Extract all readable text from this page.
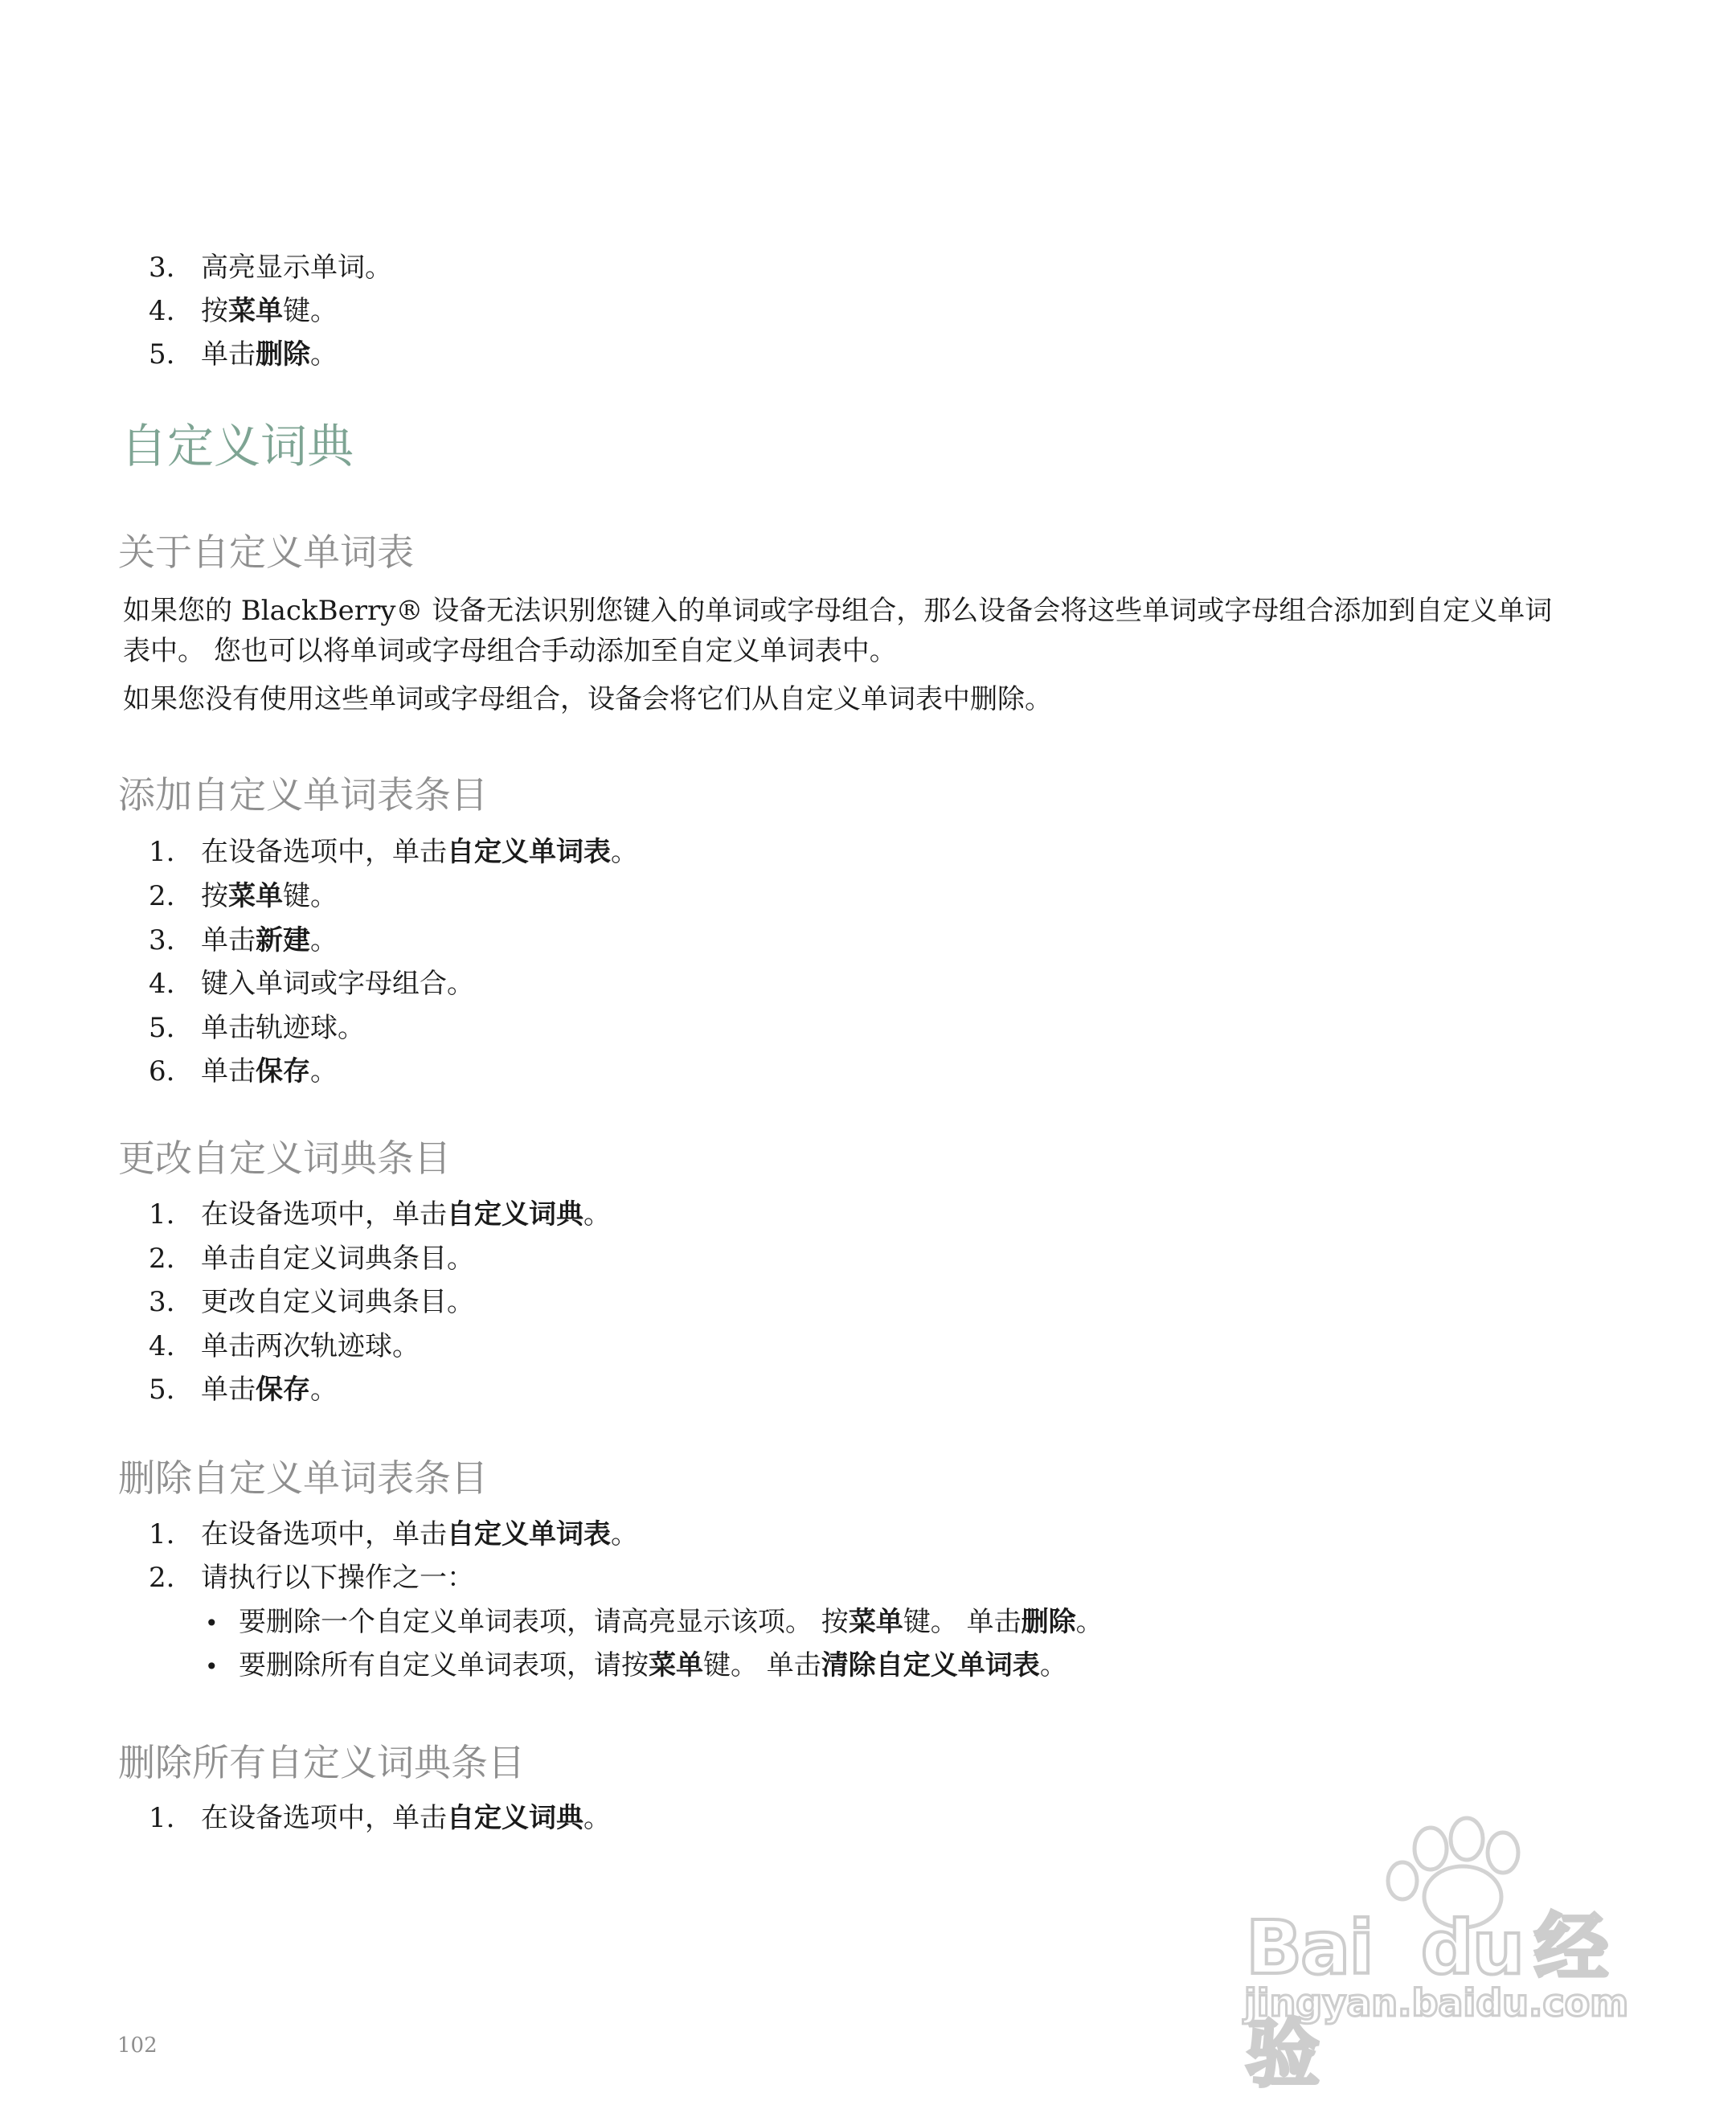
3. 高亮显示单词。
4. 按菜单键。
5. 单击删除。
自定义词典
关于自定义单词表
如果您的 BlackBerry® 设备无法识别您键入的单词或字母组合，那么设备会将这些单词或字母组合添加到自定义单词
表中。 您也可以将单词或字母组合手动添加至自定义单词表中。
如果您没有使用这些单词或字母组合，设备会将它们从自定义单词表中删除。
添加自定义单词表条目
1. 在设备选项中，单击自定义单词表。
2. 按菜单键。
3. 单击新建。
4. 键入单词或字母组合。
5. 单击轨迹球。
6. 单击保存。
更改自定义词典条目
1. 在设备选项中，单击自定义词典。
2. 单击自定义词典条目。
3. 更改自定义词典条目。
4. 单击两次轨迹球。
5. 单击保存。
删除自定义单词表条目
1. 在设备选项中，单击自定义单词表。
2. 请执行以下操作之一：
• 要删除一个自定义单词表项，请高亮显示该项。 按菜单键。 单击删除。
• 要删除所有自定义单词表项，请按菜单键。 单击清除自定义单词表。
删除所有自定义词典条目
1. 在设备选项中，单击自定义词典。
Bai du 经验
jingyan.baidu.com
102
